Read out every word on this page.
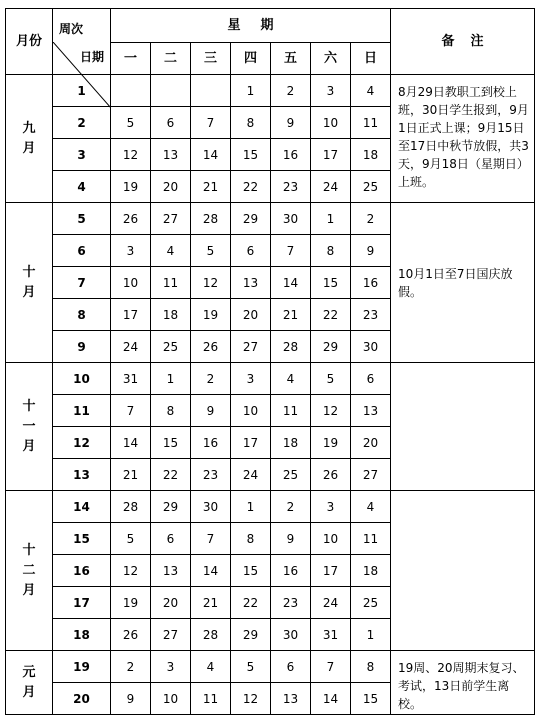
月份	日期
周次	星期							备注
		一	二	三	四	五	六	日	
九月	1				1	2	3	4	8月29日教职工到校上班，30日学生报到，9月1日正式上课；9月15日至17日中秋节放假，共3天，9月18日（星期日）上班。
	2	5	6	7	8	9	10	11	
	3	12	13	14	15	16	17	18	
	4	19	20	21	22	23	24	25	
十月	5	26	27	28	29	30	1	2	10月1日至7日国庆放假。
	6	3	4	5	6	7	8	9	
	7	10	11	12	13	14	15	16	
	8	17	18	19	20	21	22	23	
	9	24	25	26	27	28	29	30	
十一月	10	31	1	2	3	4	5	6	
	11	7	8	9	10	11	12	13	
	12	14	15	16	17	18	19	20	
	13	21	22	23	24	25	26	27	
十二月	14	28	29	30	1	2	3	4	
	15	5	6	7	8	9	10	11	
	16	12	13	14	15	16	17	18	
	17	19	20	21	22	23	24	25	
	18	26	27	28	29	30	31	1	
元月	19	2	3	4	5	6	7	8	19周、20周期末复习、考试，13日前学生离校。
	20	9	10	11	12	13	14	15	
